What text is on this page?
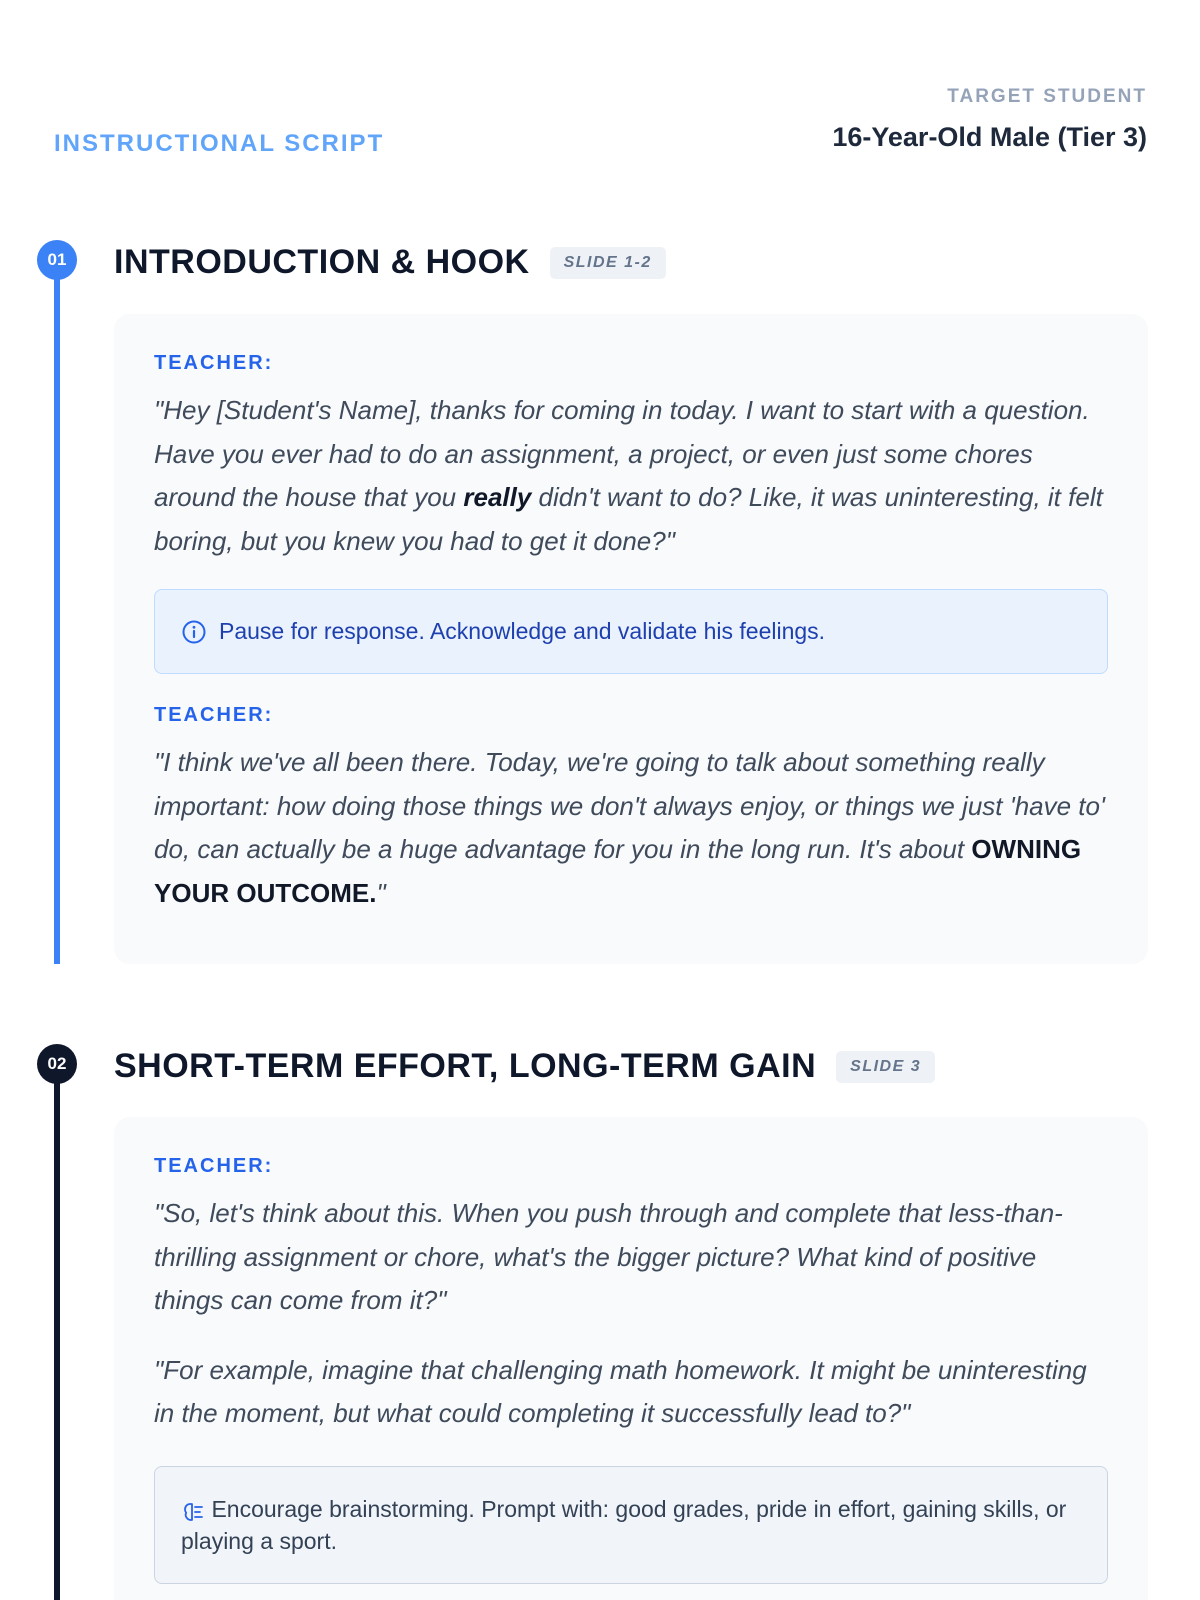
INSTRUCTIONAL SCRIPT
TARGET STUDENT
16-Year-Old Male (Tier 3)
01	INTRODUCTION & HOOK	SLIDE 1-2
TEACHER:

"Hey [Student's Name], thanks for coming in today. I want to start with a question. Have you ever had to do an assignment, a project, or even just some chores around the house that you really didn't want to do? Like, it was uninteresting, it felt boring, but you knew you had to get it done?"

Pause for response. Acknowledge and validate his feelings.
TEACHER:

"I think we've all been there. Today, we're going to talk about something really important: how doing those things we don't always enjoy, or things we just 'have to' do, can actually be a huge advantage for you in the long run. It's about OWNING YOUR OUTCOME."

02	SHORT-TERM EFFORT, LONG-TERM GAIN	SLIDE 3
TEACHER:

"So, let's think about this. When you push through and complete that less-than-thrilling assignment or chore, what's the bigger picture? What kind of positive things can come from it?"

"For example, imagine that challenging math homework. It might be uninteresting in the moment, but what could completing it successfully lead to?"

Encourage brainstorming. Prompt with: good grades, pride in effort, gaining skills, or playing a sport.
